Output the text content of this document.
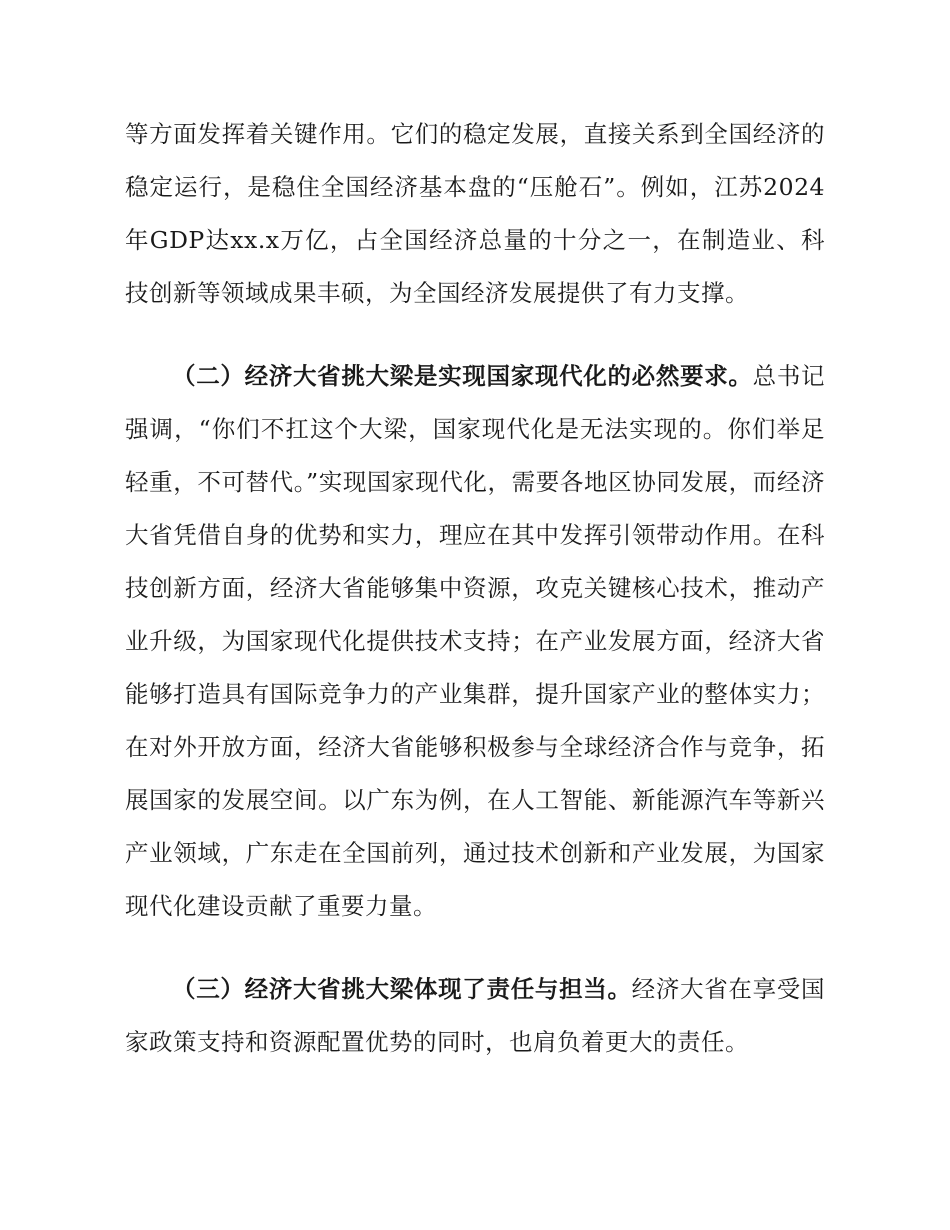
等方面发挥着关键作用。它们的稳定发展，直接关系到全国经济的稳定运行，是稳住全国经济基本盘的“压舱石”。例如，江苏2024年GDP达xx.x万亿，占全国经济总量的十分之一，在制造业、科技创新等领域成果丰硕，为全国经济发展提供了有力支撑。

（二）经济大省挑大梁是实现国家现代化的必然要求。总书记强调，“你们不扛这个大梁，国家现代化是无法实现的。你们举足轻重，不可替代。”实现国家现代化，需要各地区协同发展，而经济大省凭借自身的优势和实力，理应在其中发挥引领带动作用。在科技创新方面，经济大省能够集中资源，攻克关键核心技术，推动产业升级，为国家现代化提供技术支持；在产业发展方面，经济大省能够打造具有国际竞争力的产业集群，提升国家产业的整体实力；在对外开放方面，经济大省能够积极参与全球经济合作与竞争，拓展国家的发展空间。以广东为例，在人工智能、新能源汽车等新兴产业领域，广东走在全国前列，通过技术创新和产业发展，为国家现代化建设贡献了重要力量。

（三）经济大省挑大梁体现了责任与担当。经济大省在享受国家政策支持和资源配置优势的同时，也肩负着更大的责任。
